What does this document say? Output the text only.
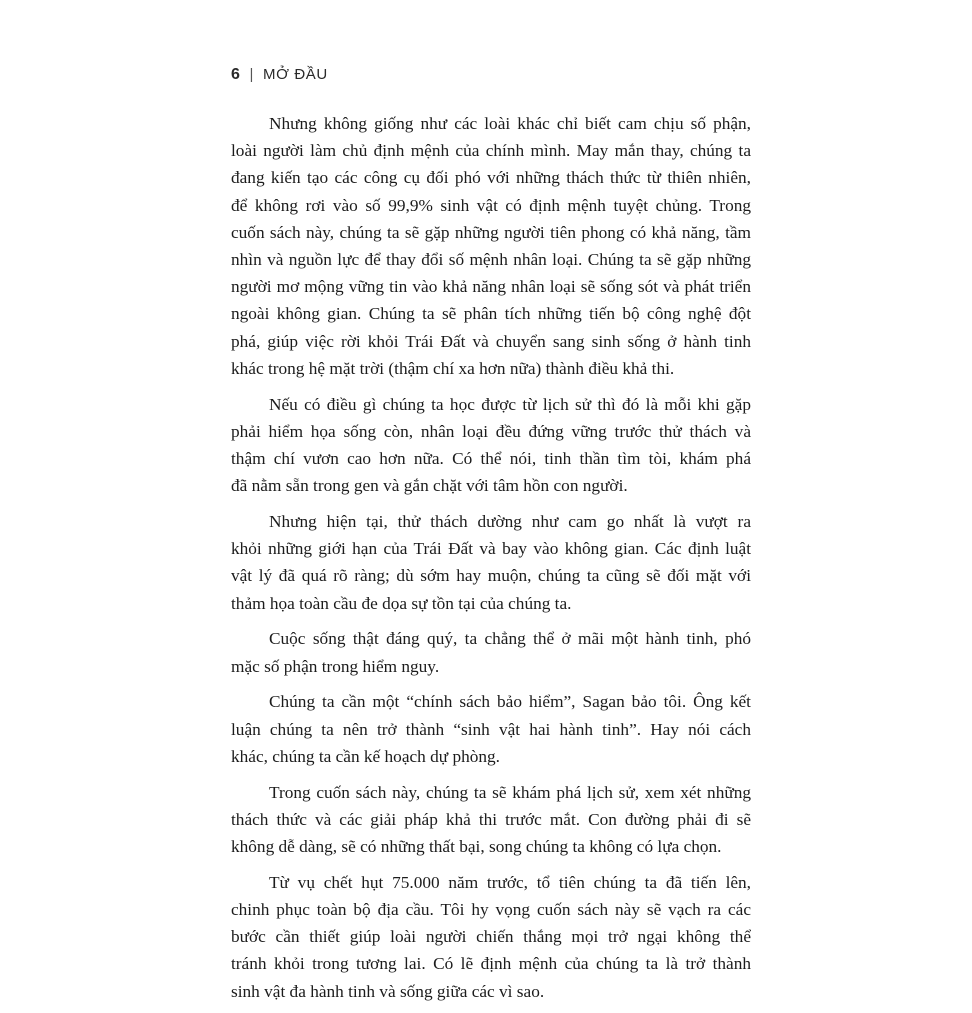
6 | MỞ ĐẦU

Nhưng không giống như các loài khác chỉ biết cam chịu số phận,
loài người làm chủ định mệnh của chính mình. May mắn thay, chúng ta
đang kiến tạo các công cụ đối phó với những thách thức từ thiên nhiên,
để không rơi vào số 99,9% sinh vật có định mệnh tuyệt chủng. Trong
cuốn sách này, chúng ta sẽ gặp những người tiên phong có khả năng, tầm
nhìn và nguồn lực để thay đổi số mệnh nhân loại. Chúng ta sẽ gặp những
người mơ mộng vững tin vào khả năng nhân loại sẽ sống sót và phát triển
ngoài không gian. Chúng ta sẽ phân tích những tiến bộ công nghệ đột
phá, giúp việc rời khỏi Trái Đất và chuyển sang sinh sống ở hành tinh
khác trong hệ mặt trời (thậm chí xa hơn nữa) thành điều khả thi.

Nếu có điều gì chúng ta học được từ lịch sử thì đó là mỗi khi gặp
phải hiểm họa sống còn, nhân loại đều đứng vững trước thử thách và
thậm chí vươn cao hơn nữa. Có thể nói, tinh thần tìm tòi, khám phá
đã nằm sẵn trong gen và gắn chặt với tâm hồn con người.

Nhưng hiện tại, thử thách dường như cam go nhất là vượt ra
khỏi những giới hạn của Trái Đất và bay vào không gian. Các định luật
vật lý đã quá rõ ràng; dù sớm hay muộn, chúng ta cũng sẽ đối mặt với
thảm họa toàn cầu đe dọa sự tồn tại của chúng ta.

Cuộc sống thật đáng quý, ta chẳng thể ở mãi một hành tinh, phó
mặc số phận trong hiểm nguy.

Chúng ta cần một “chính sách bảo hiểm”, Sagan bảo tôi. Ông kết
luận chúng ta nên trở thành “sinh vật hai hành tinh”. Hay nói cách
khác, chúng ta cần kế hoạch dự phòng.

Trong cuốn sách này, chúng ta sẽ khám phá lịch sử, xem xét những
thách thức và các giải pháp khả thi trước mắt. Con đường phải đi sẽ
không dễ dàng, sẽ có những thất bại, song chúng ta không có lựa chọn.

Từ vụ chết hụt 75.000 năm trước, tổ tiên chúng ta đã tiến lên,
chinh phục toàn bộ địa cầu. Tôi hy vọng cuốn sách này sẽ vạch ra các
bước cần thiết giúp loài người chiến thắng mọi trở ngại không thể
tránh khỏi trong tương lai. Có lẽ định mệnh của chúng ta là trở thành
sinh vật đa hành tinh và sống giữa các vì sao.
